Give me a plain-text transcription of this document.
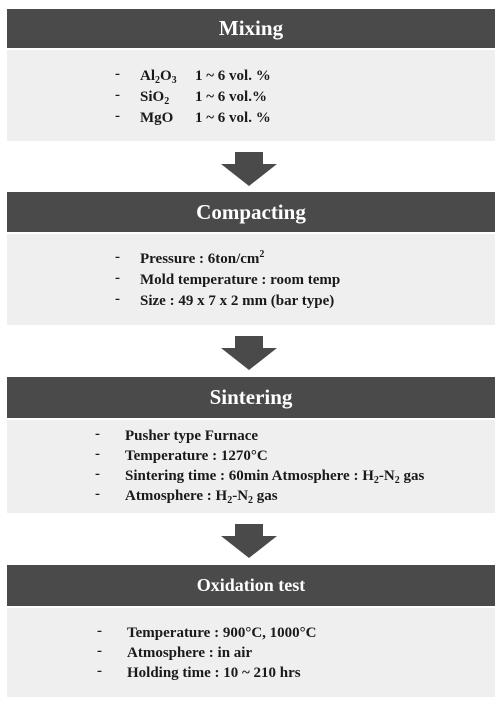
Mixing
- $Al_2O_3$ 1 ~ 6 vol. %
- SiO$_2$ 1 ~ 6 vol.%
- MgO 1 ~ 6 vol. %
Compacting
- Pressure : $6ton/cm^2$
- Mold temperature : room temp
- Size : 49 x 7 x 2 mm (bar type)
Sintering
- Pusher type Furnace
- Temperature : 1270°C
- Sintering time : 60min Atmosphere : $H_2-N_2$ gas
- Atmosphere : $H_2-N_2$ gas
Oxidation test
- Temperature : 900°C, 1000°C
- Atmosphere : in air
- Holding time : 10 ~ 210 hrs
